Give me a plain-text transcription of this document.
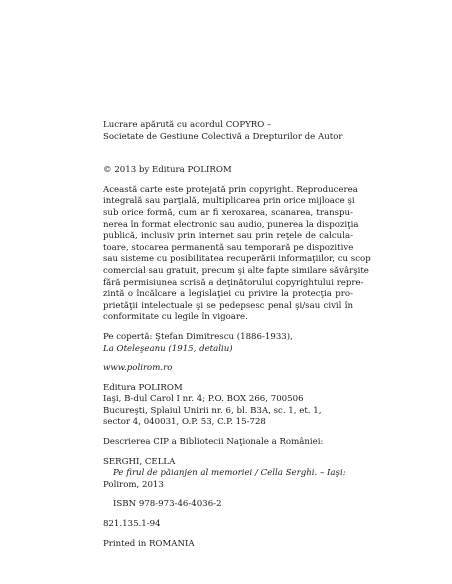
Lucrare apărută cu acordul COPYRO –
Societate de Gestiune Colectivă a Drepturilor de Autor
© 2013 by Editura POLIROM
Această carte este protejată prin copyright. Reproducerea
integrală sau parţială, multiplicarea prin orice mijloace şi
sub orice formă, cum ar fi xeroxarea, scanarea, transpu-
nerea în format electronic sau audio, punerea la dispoziţia
publică, inclusiv prin internet sau prin reţele de calcula-
toare, stocarea permanentă sau temporară pe dispozitive
sau sisteme cu posibilitatea recuperării informaţiilor, cu scop
comercial sau gratuit, precum şi alte fapte similare săvârşite
fără permisiunea scrisă a deţinătorului copyrightului repre-
zintă o încălcare a legislaţiei cu privire la protecţia pro-
prietăţii intelectuale şi se pedepsesc penal şi/sau civil în
conformitate cu legile în vigoare.
Pe copertă: Ştefan Dimitrescu (1886-1933),
La Oteleşeanu (1915, detaliu)
www.polirom.ro
Editura POLIROM
Iaşi, B-dul Carol I nr. 4; P.O. BOX 266, 700506
Bucureşti, Splaiul Unirii nr. 6, bl. B3A, sc. 1, et. 1,
sector 4, 040031, O.P. 53, C.P. 15-728
Descrierea CIP a Bibliotecii Naţionale a României:
SERGHI, CELLA
Pe firul de păianjen al memoriei / Cella Serghi. – Iaşi:
Polirom, 2013
ISBN 978-973-46-4036-2
821.135.1-94
Printed in ROMANIA
